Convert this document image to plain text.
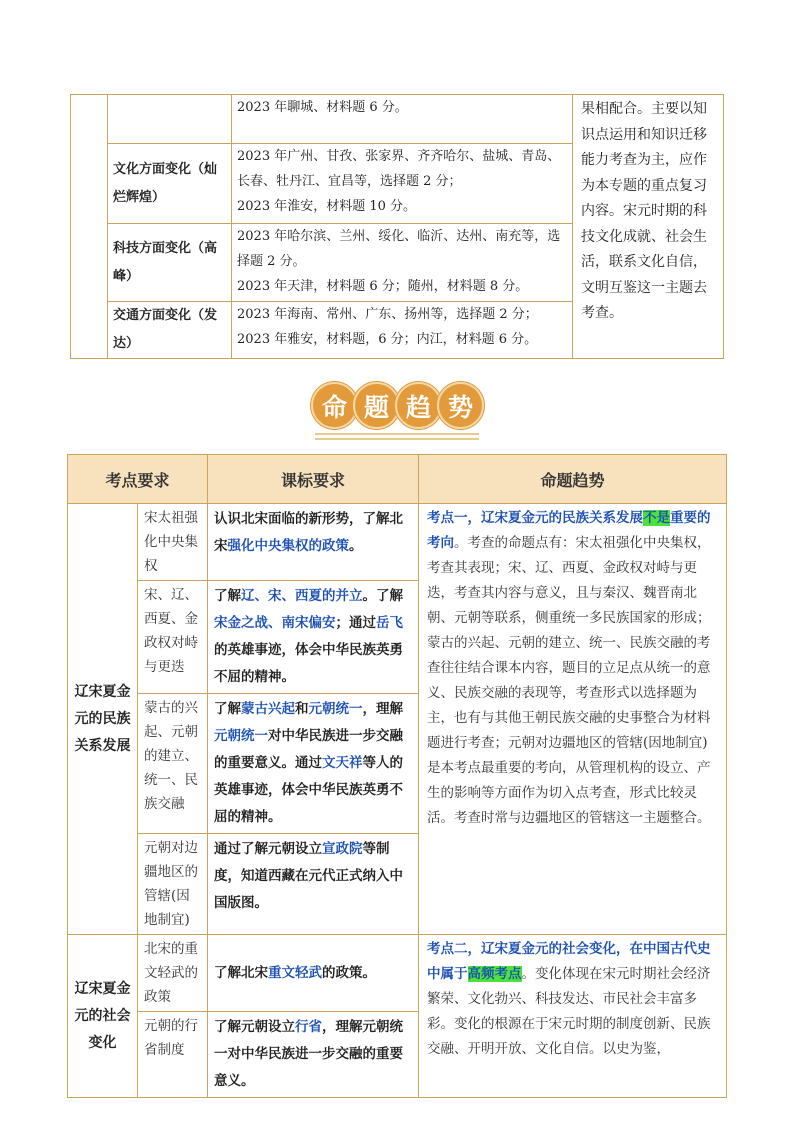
		2023 年聊城、材料题 6 分。	果相配合。主要以知识点运用和知识迁移能力考查为主，应作为本专题的重点复习内容。宋元时期的科技文化成就、社会生活，联系文化自信，文明互鉴这一主题去考查。
	文化方面变化（灿烂辉煌）	2023 年广州、甘孜、张家界、齐齐哈尔、盐城、青岛、
长春、牡丹江、宜昌等，选择题 2 分；
2023 年淮安，材料题 10 分。	

	科技方面变化（高峰）	2023 年哈尔滨、兰州、绥化、临沂、达州、南充等，选
择题 2 分。
2023 年天津，材料题 6 分；随州，材料题 8 分。	

	交通方面变化（发达）	2023 年海南、常州、广东、扬州等，选择题 2 分；
2023 年雅安，材料题，6 分；内江，材料题 6 分。	
命 题 趋 势
考点要求		课标要求	命题趋势
辽宋夏金元的民族关系发展	宋太祖强化中央集权	认识北宋面临的新形势，了解北宋强化中央集权的政策。	考点一，辽宋夏金元的民族关系发展不是重要的考向。考查的命题点有：宋太祖强化中央集权，考查其表现；宋、辽、西夏、金政权对峙与更迭，考查其内容与意义，且与秦汉、魏晋南北朝、元朝等联系，侧重统一多民族国家的形成；蒙古的兴起、元朝的建立、统一、民族交融的考查往往结合课本内容，题目的立足点从统一的意义、民族交融的表现等，考查形式以选择题为主，也有与其他王朝民族交融的史事整合为材料题进行考查；元朝对边疆地区的管辖(因地制宜)是本考点最重要的考向，从管理机构的设立、产生的影响等方面作为切入点考查，形式比较灵活。考查时常与边疆地区的管辖这一主题整合。
	宋、辽、西夏、金政权对峙与更迭	了解辽、宋、西夏的并立。了解宋金之战、南宋偏安；通过岳飞的英雄事迹，体会中华民族英勇不屈的精神。	
	蒙古的兴起、元朝的建立、统一、民族交融	了解蒙古兴起和元朝统一，理解元朝统一对中华民族进一步交融的重要意义。通过文天祥等人的英雄事迹，体会中华民族英勇不屈的精神。	
	元朝对边疆地区的管辖(因地制宜)	通过了解元朝设立宣政院等制度，知道西藏在元代正式纳入中国版图。	
辽宋夏金元的社会变化	北宋的重文轻武的政策	了解北宋重文轻武的政策。	考点二，辽宋夏金元的社会变化，在中国古代史中属于高频考点。变化体现在宋元时期社会经济繁荣、文化勃兴、科技发达、市民社会丰富多彩。变化的根源在于宋元时期的制度创新、民族交融、开明开放、文化自信。以史为鉴，
	元朝的行省制度	了解元朝设立行省，理解元朝统一对中华民族进一步交融的重要意义。	
